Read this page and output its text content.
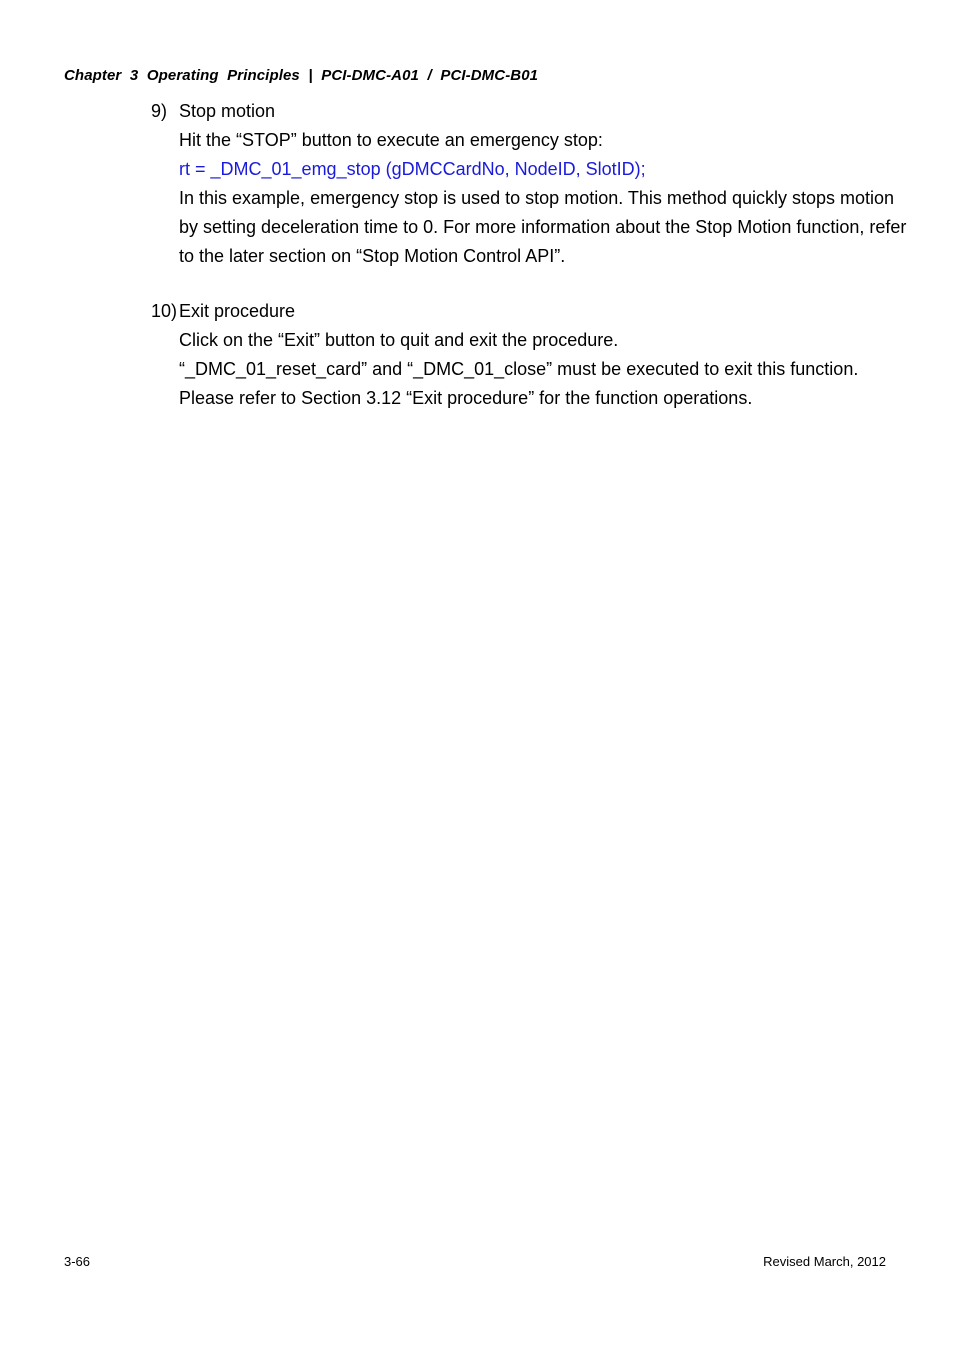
Chapter  3  Operating  Principles  |  PCI-DMC-A01  /  PCI-DMC-B01
9) Stop motion
Hit the “STOP” button to execute an emergency stop:
rt = _DMC_01_emg_stop (gDMCCardNo, NodeID, SlotID);
In this example, emergency stop is used to stop motion. This method quickly stops motion by setting deceleration time to 0. For more information about the Stop Motion function, refer to the later section on “Stop Motion Control API”.
10) Exit procedure
Click on the “Exit” button to quit and exit the procedure.
“_DMC_01_reset_card” and “_DMC_01_close” must be executed to exit this function. Please refer to Section 3.12 “Exit procedure” for the function operations.
3-66	Revised March, 2012
